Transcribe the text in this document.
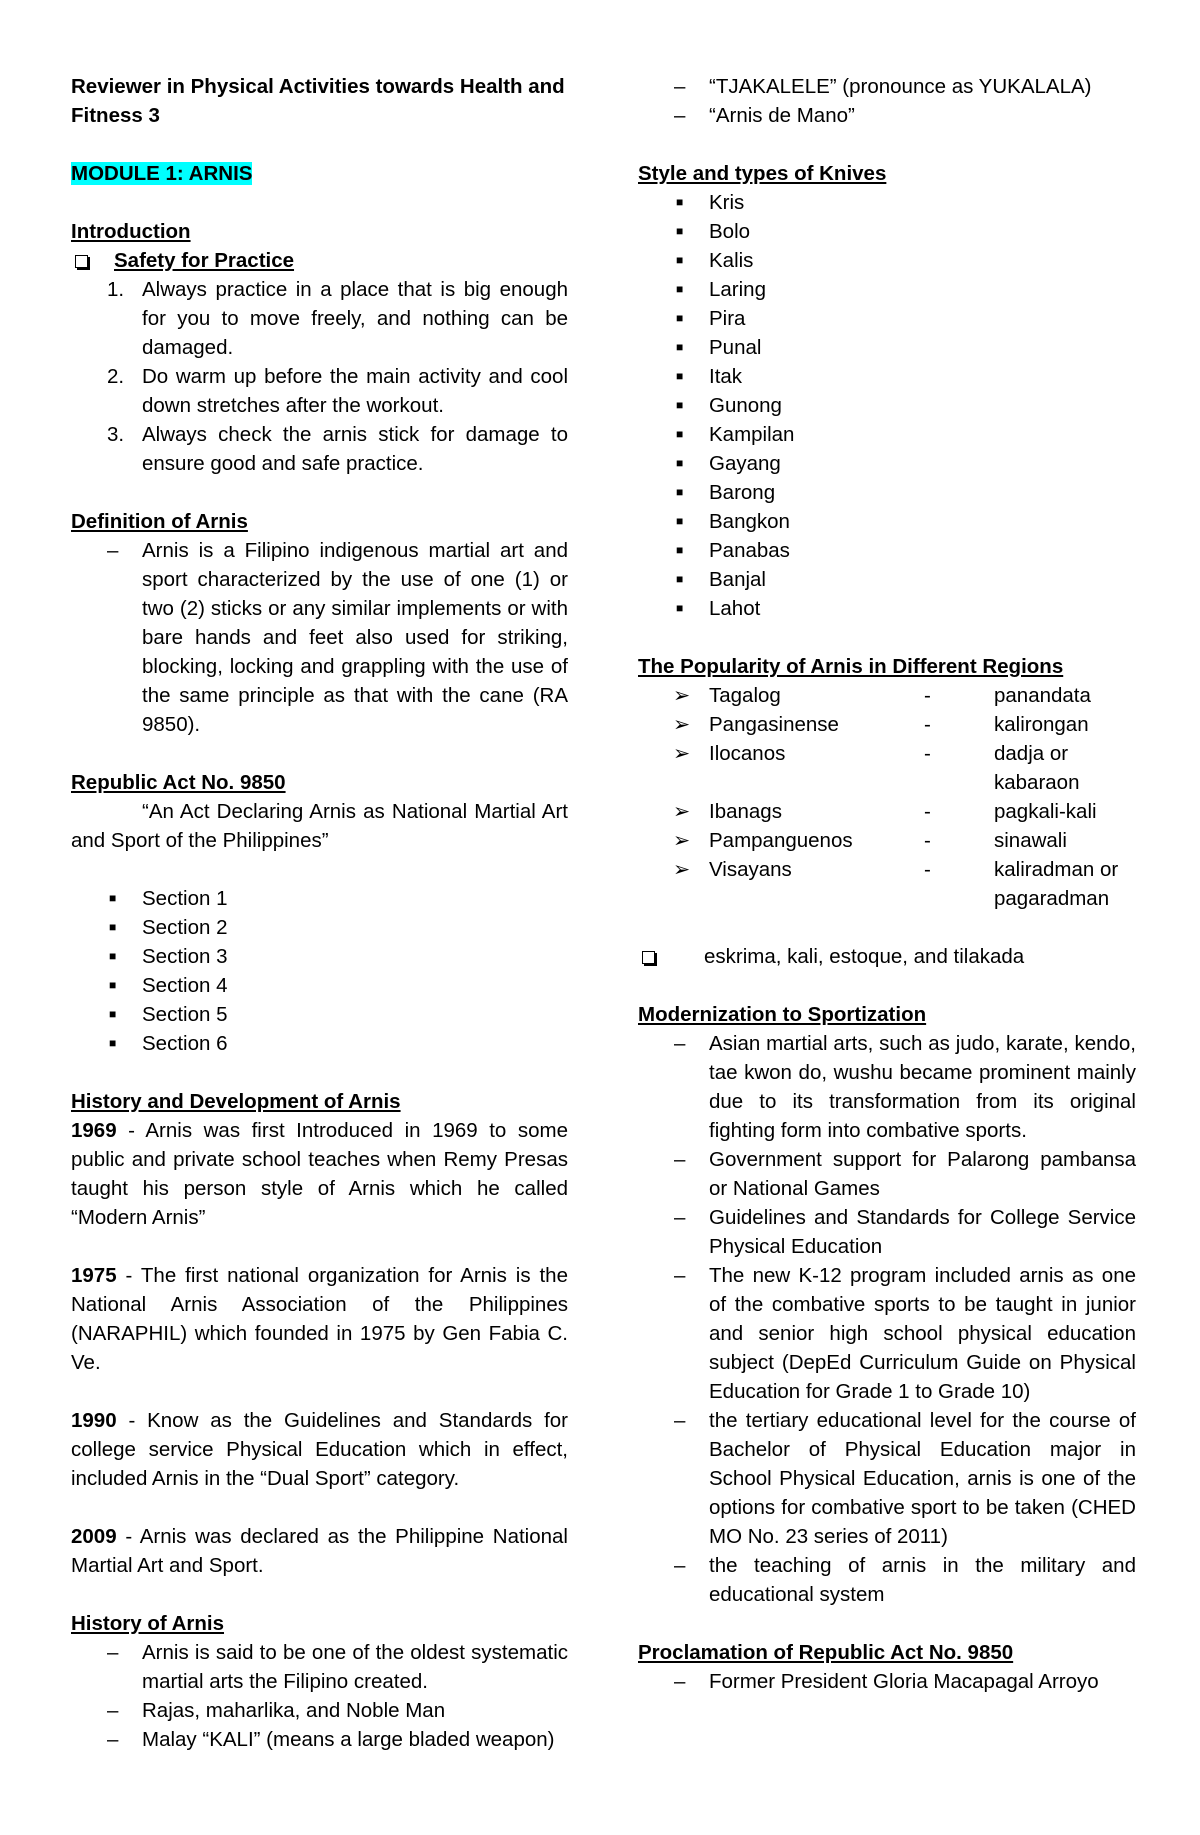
Reviewer in Physical Activities towards Health and Fitness 3

MODULE 1: ARNIS

Introduction

Safety for Practice
1. Always practice in a place that is big enough for you to move freely, and nothing can be damaged.
2. Do warm up before the main activity and cool down stretches after the workout.
3. Always check the arnis stick for damage to ensure good and safe practice.

Definition of Arnis

–	Arnis is a Filipino indigenous martial art and sport characterized by the use of one (1) or two (2) sticks or any similar implements or with bare hands and feet also used for striking, blocking, locking and grappling with the use of the same principle as that with the cane (RA 9850).

Republic Act No. 9850

“An Act Declaring Arnis as National Martial Art and Sport of the Philippines”

■	Section 1
■	Section 2
■	Section 3
■	Section 4
■	Section 5
■	Section 6

History and Development of Arnis

1969 - Arnis was first Introduced in 1969 to some public and private school teaches when Remy Presas taught his person style of Arnis which he called “Modern Arnis”

1975 - The first national organization for Arnis is the National Arnis Association of the Philippines (NARAPHIL) which founded in 1975 by Gen Fabia C. Ve.

1990 - Know as the Guidelines and Standards for college service Physical Education which in effect, included Arnis in the “Dual Sport” category.

2009 - Arnis was declared as the Philippine National Martial Art and Sport.

History of Arnis

–	Arnis is said to be one of the oldest systematic martial arts the Filipino created.
–	Rajas, maharlika, and Noble Man
–	Malay “KALI” (means a large bladed weapon)
–	“TJAKALELE” (pronounce as YUKALALA)
–	“Arnis de Mano”

Style and types of Knives

■	Kris
■	Bolo
■	Kalis
■	Laring
■	Pira
■	Punal
■	Itak
■	Gunong
■	Kampilan
■	Gayang
■	Barong
■	Bangkon
■	Panabas
■	Banjal
■	Lahot

The Popularity of Arnis in Different Regions

➢ Tagalog	-	panandata
➢ Pangasinense	-	kalirongan
➢ Ilocanos	-	dadja or kabaraon
➢ Ibanags	-	pagkali-kali
➢ Pampanguenos	-	sinawali
➢ Visayans	-	kaliradman or pagaradman
eskrima, kali, estoque, and tilakada

Modernization to Sportization

–	Asian martial arts, such as judo, karate, kendo, tae kwon do, wushu became prominent mainly due to its transformation from its original fighting form into combative sports.
–	Government support for Palarong pambansa or National Games
–	Guidelines and Standards for College Service Physical Education
–	The new K-12 program included arnis as one of the combative sports to be taught in junior and senior high school physical education subject (DepEd Curriculum Guide on Physical Education for Grade 1 to Grade 10)
–	the tertiary educational level for the course of Bachelor of Physical Education major in School Physical Education, arnis is one of the options for combative sport to be taken (CHED MO No. 23 series of 2011)
–	the teaching of arnis in the military and educational system

Proclamation of Republic Act No. 9850

–	Former President Gloria Macapagal Arroyo
